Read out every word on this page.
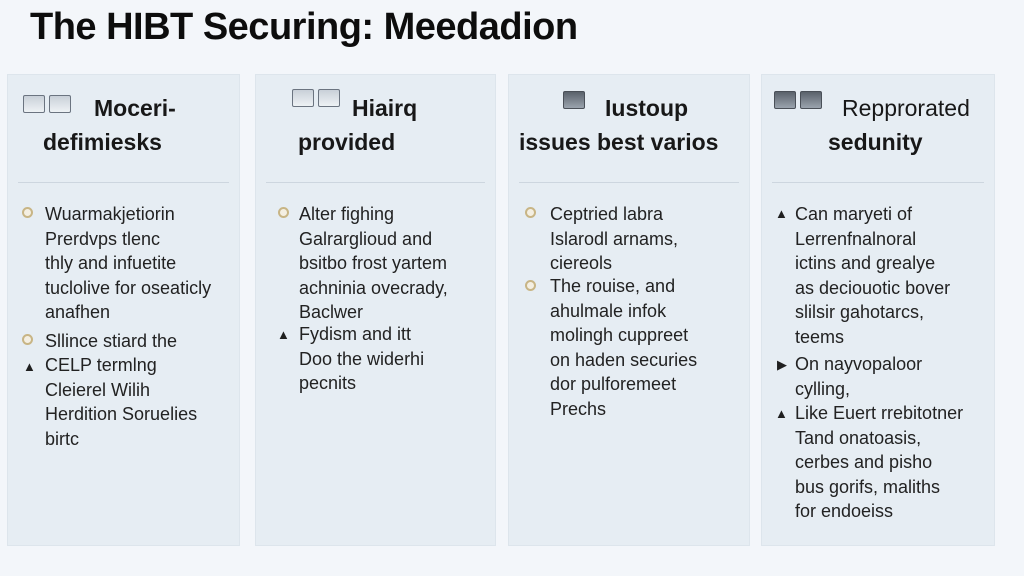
The HIBT Securing: Meedadion
Moceri-
defimiesks
Wuarmakjetiorin
Prerdvps tlenc
thly and infuetite
tuclolive for oseaticly
anafhen
Sllince stiard the
▲ CELP termlng
Cleierel Wilih
Herdition Soruelies
birtc
Hiairq
provided
Alter fighing
Galrarglioud and
bsitbo frost yartem
achninia ovecrady,
Baclwer
▲ Fydism and itt
Doo the widerhi
pecnits
Iustoup
issues best varios
Ceptried labra
Islarodl arnams,
ciereols
The rouise, and
ahulmale infok
molingh cuppreet
on haden securies
dor pulforemeet
Prechs
Repprorated
sedunity
▲ Can maryeti of
Lerrenfnalnoral
ictins and grealye
as deciouotic bover
slilsir gahotarcs,
teems
▶ On nayvopaloor
cylling,
▲ Like Euert rrebitotner
Tand onatoasis,
cerbes and pisho
bus gorifs, maliths
for endoeiss
